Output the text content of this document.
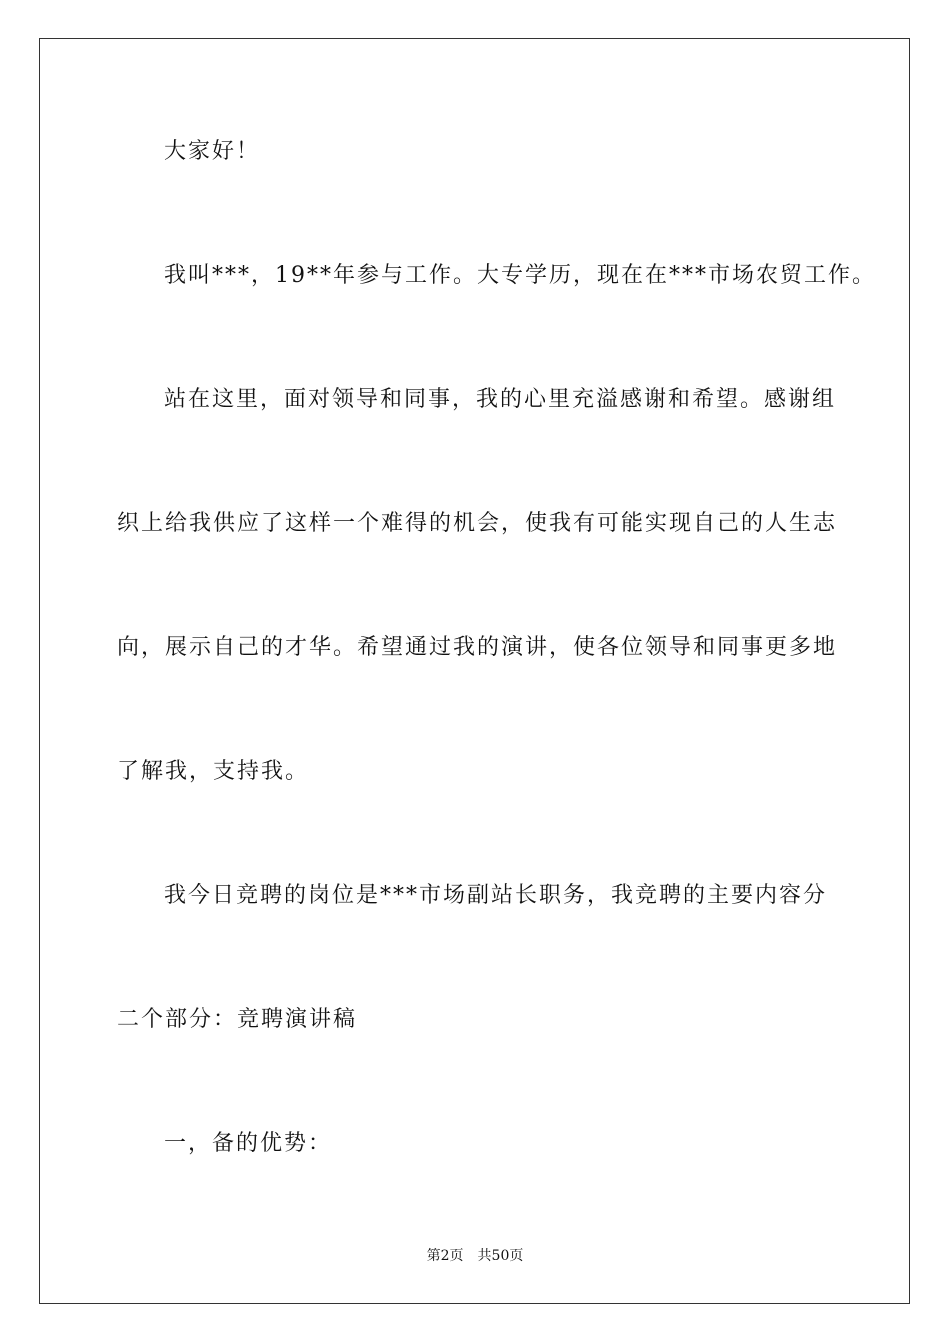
大家好！
我叫***，19**年参与工作。大专学历，现在在***市场农贸工作。
站在这里，面对领导和同事，我的心里充溢感谢和希望。感谢组
织上给我供应了这样一个难得的机会，使我有可能实现自己的人生志
向，展示自己的才华。希望通过我的演讲，使各位领导和同事更多地
了解我，支持我。
我今日竞聘的岗位是***市场副站长职务，我竞聘的主要内容分
二个部分：竞聘演讲稿
一，备的优势：
第2页 共50页
